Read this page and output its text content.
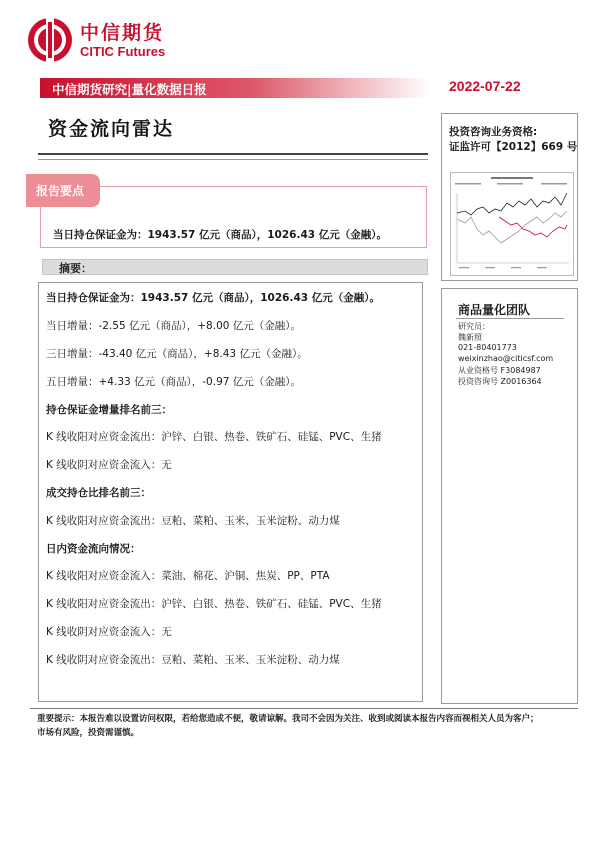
中信期货
CITIC Futures
中信期货研究|量化数据日报	2022-07-22
资金流向雷达
报告要点
当日持仓保证金为：1943.57 亿元（商品），1026.43 亿元（金融）。
摘要：
当日持仓保证金为：1943.57 亿元（商品），1026.43 亿元（金融）。
当日增量：-2.55 亿元（商品），+8.00 亿元（金融）。
三日增量：-43.40 亿元（商品），+8.43 亿元（金融）。
五日增量：+4.33 亿元（商品），-0.97 亿元（金融）。
持仓保证金增量排名前三：
K 线收阳对应资金流出：沪锌、白银、热卷、铁矿石、硅锰、PVC、生猪
K 线收阴对应资金流入：无
成交持仓比排名前三：
K 线收阳对应资金流出：豆粕、菜粕、玉米、玉米淀粉、动力煤
日内资金流向情况：
K 线收阳对应资金流入：菜油、棉花、沪铜、焦炭、PP、PTA
K 线收阳对应资金流出：沪锌、白银、热卷、铁矿石、硅锰、PVC、生猪
K 线收阴对应资金流入：无
K 线收阴对应资金流出：豆粕、菜粕、玉米、玉米淀粉、动力煤
投资咨询业务资格:
证监许可【2012】669 号
商品量化团队
研究员：
魏新照
021-80401773
weixinzhao@citicsf.com
从业资格号 F3084987
投资咨询号 Z0016364
重要提示：本报告难以设置访问权限，若给您造成不便，敬请谅解。我司不会因为关注、收到或阅读本报告内容而视相关人员为客户；
市场有风险，投资需谨慎。
